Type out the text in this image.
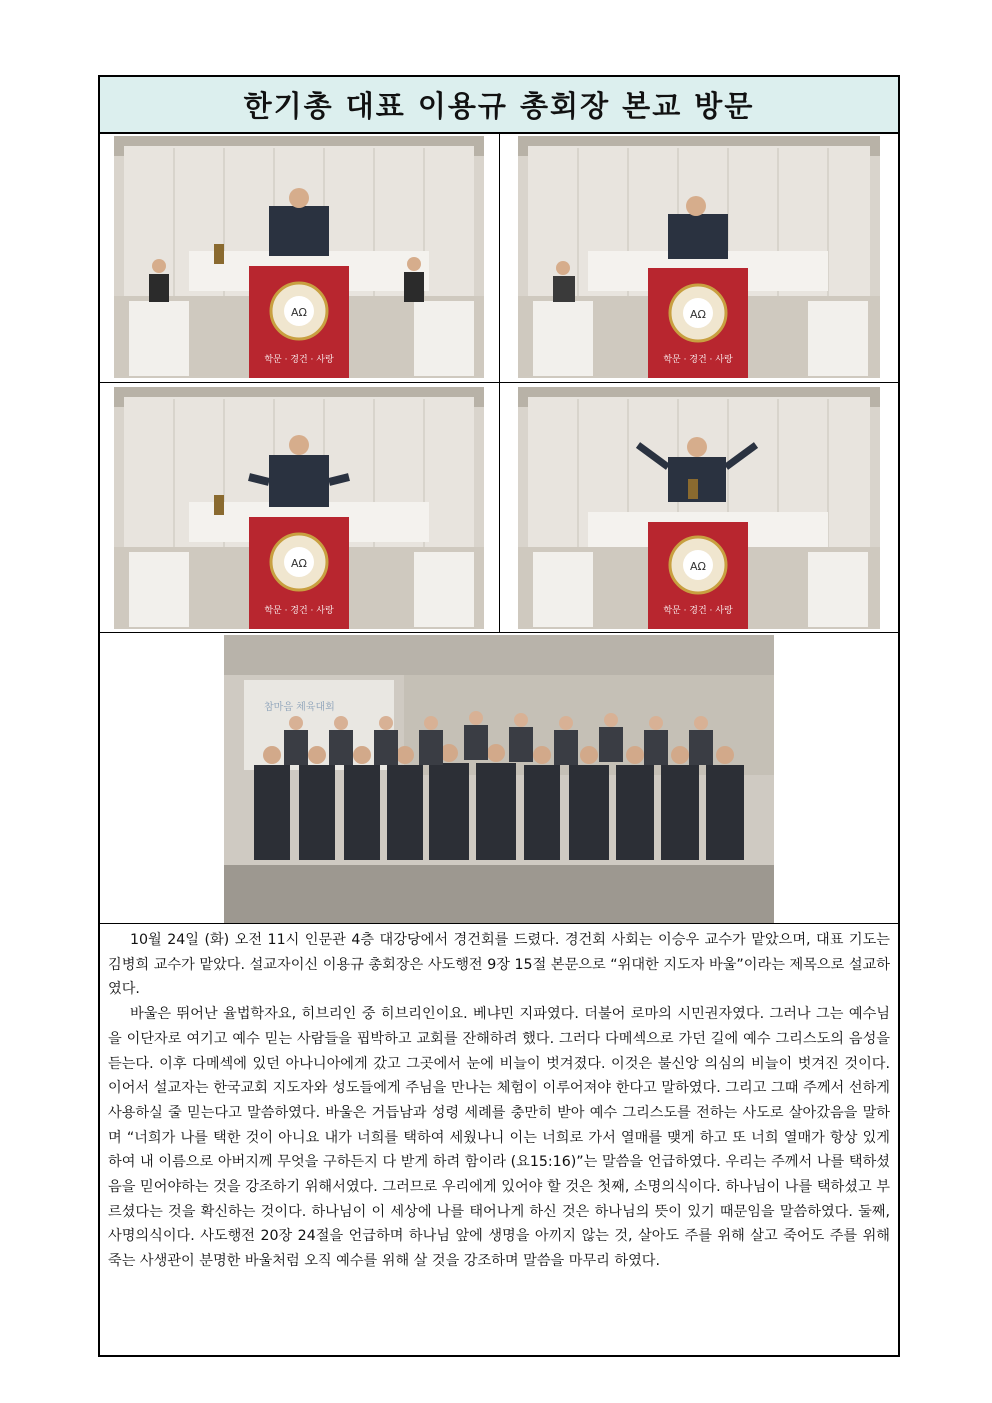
한기총 대표 이용규 총회장 본교 방문
AΩ
학문 · 경건 · 사랑
AΩ
학문 · 경건 · 사랑
AΩ
학문 · 경건 · 사랑
AΩ
학문 · 경건 · 사랑
참마음 체육대회

10월 24일 (화) 오전 11시 인문관 4층 대강당에서 경건회를 드렸다. 경건회 사회는 이승우 교수가 맡았으며, 대표 기도는 김병희 교수가 맡았다. 설교자이신 이용규 총회장은 사도행전 9장 15절 본문으로 “위대한 지도자 바울”이라는 제목으로 설교하였다.

바울은 뛰어난 율법학자요, 히브리인 중 히브리인이요. 베냐민 지파였다. 더불어 로마의 시민권자였다. 그러나 그는 예수님을 이단자로 여기고 예수 믿는 사람들을 핍박하고 교회를 잔해하려 했다. 그러다 다메섹으로 가던 길에 예수 그리스도의 음성을 듣는다. 이후 다메섹에 있던 아나니아에게 갔고 그곳에서 눈에 비늘이 벗겨졌다. 이것은 불신앙 의심의 비늘이 벗겨진 것이다. 이어서 설교자는 한국교회 지도자와 성도들에게 주님을 만나는 체험이 이루어져야 한다고 말하였다. 그리고 그때 주께서 선하게 사용하실 줄 믿는다고 말씀하였다. 바울은 거듭남과 성령 세례를 충만히 받아 예수 그리스도를 전하는 사도로 살아갔음을 말하며 “너희가 나를 택한 것이 아니요 내가 너희를 택하여 세웠나니 이는 너희로 가서 열매를 맺게 하고 또 너희 열매가 항상 있게 하여 내 이름으로 아버지께 무엇을 구하든지 다 받게 하려 함이라 (요15:16)”는 말씀을 언급하였다. 우리는 주께서 나를 택하셨음을 믿어야하는 것을 강조하기 위해서였다. 그러므로 우리에게 있어야 할 것은 첫째, 소명의식이다. 하나님이 나를 택하셨고 부르셨다는 것을 확신하는 것이다. 하나님이 이 세상에 나를 태어나게 하신 것은 하나님의 뜻이 있기 때문임을 말씀하였다. 둘째, 사명의식이다. 사도행전 20장 24절을 언급하며 하나님 앞에 생명을 아끼지 않는 것, 살아도 주를 위해 살고 죽어도 주를 위해 죽는 사생관이 분명한 바울처럼 오직 예수를 위해 살 것을 강조하며 말씀을 마무리 하였다.
